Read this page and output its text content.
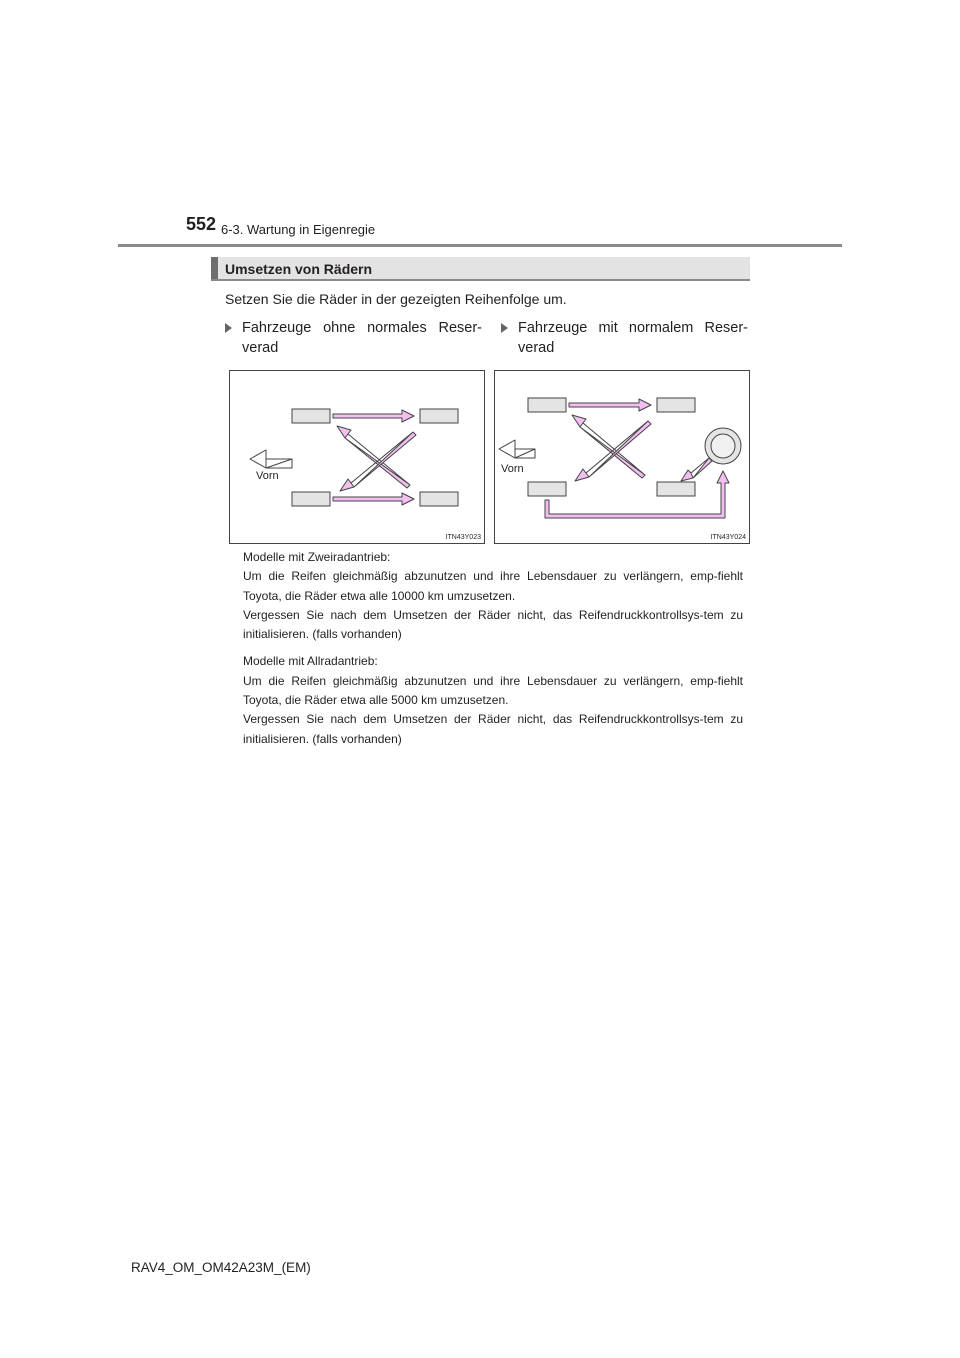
552 6-3. Wartung in Eigenregie
Umsetzen von Rädern
Setzen Sie die Räder in der gezeigten Reihenfolge um.
Fahrzeuge ohne normales Reser-verad
Fahrzeuge mit normalem Reser-verad
Vorn
ITN43Y023
Vorn
ITN43Y024

Modelle mit Zweiradantrieb:

Um die Reifen gleichmäßig abzunutzen und ihre Lebensdauer zu verlängern, emp-fiehlt Toyota, die Räder etwa alle 10000 km umzusetzen.

Vergessen Sie nach dem Umsetzen der Räder nicht, das Reifendruckkontrollsys-tem zu initialisieren. (falls vorhanden)

Modelle mit Allradantrieb:

Um die Reifen gleichmäßig abzunutzen und ihre Lebensdauer zu verlängern, emp-fiehlt Toyota, die Räder etwa alle 5000 km umzusetzen.

Vergessen Sie nach dem Umsetzen der Räder nicht, das Reifendruckkontrollsys-tem zu initialisieren. (falls vorhanden)

RAV4_OM_OM42A23M_(EM)
